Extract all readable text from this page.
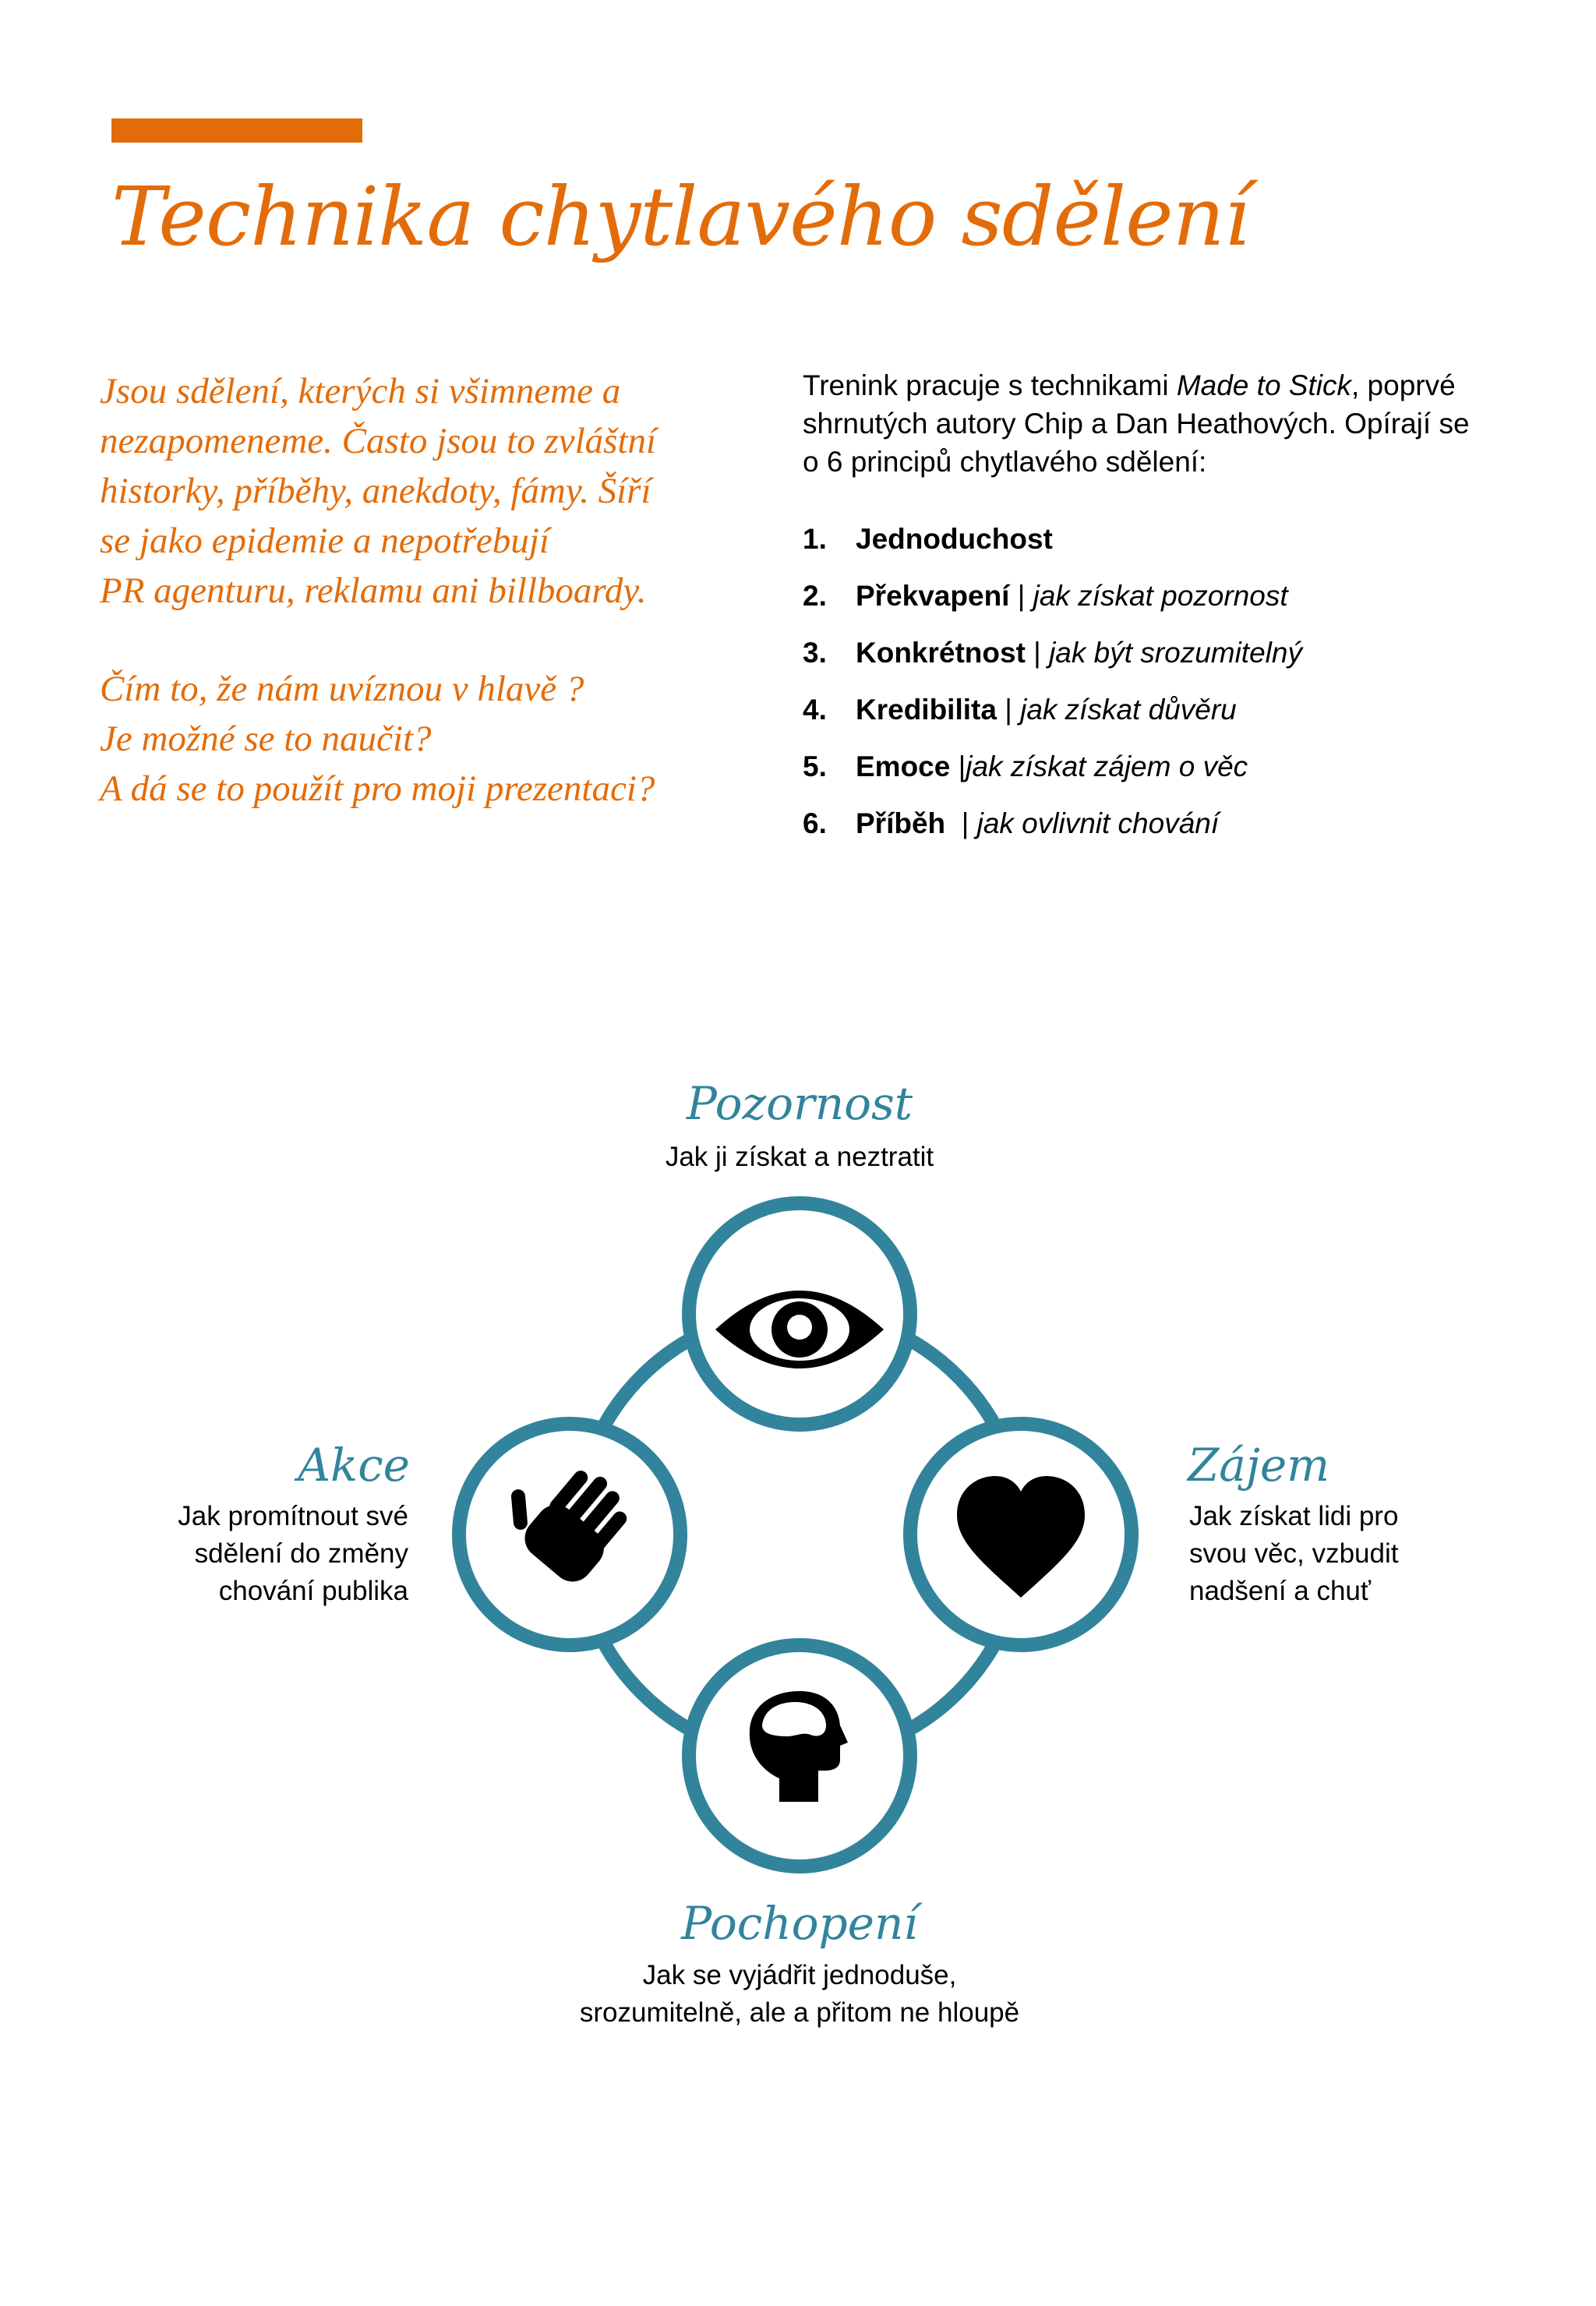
Technika chytlavého sdělení

Jsou sdělení, kterých si všimneme a
nezapomeneme. Často jsou to zvláštní
historky, příběhy, anekdoty, fámy. Šíří
se jako epidemie a nepotřebují
PR agenturu, reklamu ani billboardy.

Čím to, že nám uvíznou v hlavě ?
Je možné se to naučit?
A dá se to použít pro moji prezentaci?

Trenink pracuje s technikami Made to Stick, poprvé shrnutých autory Chip a Dan Heathových. Opírají se o 6 principů chytlavého sdělení:

1. Jednoduchost
2. Překvapení | jak získat pozornost
3. Konkrétnost | jak být srozumitelný
4. Kredibilita | jak získat důvěru
5. Emoce |jak získat zájem o věc
6. Příběh  | jak ovlivnit chování
Pozornost
Jak ji získat a neztratit
Zájem
Jak získat lidi pro
svou věc, vzbudit
nadšení a chuť
Pochopení
Jak se vyjádřit jednoduše,
srozumitelně, ale a přitom ne hloupě
Akce
Jak promítnout své
sdělení do změny
chování publika
